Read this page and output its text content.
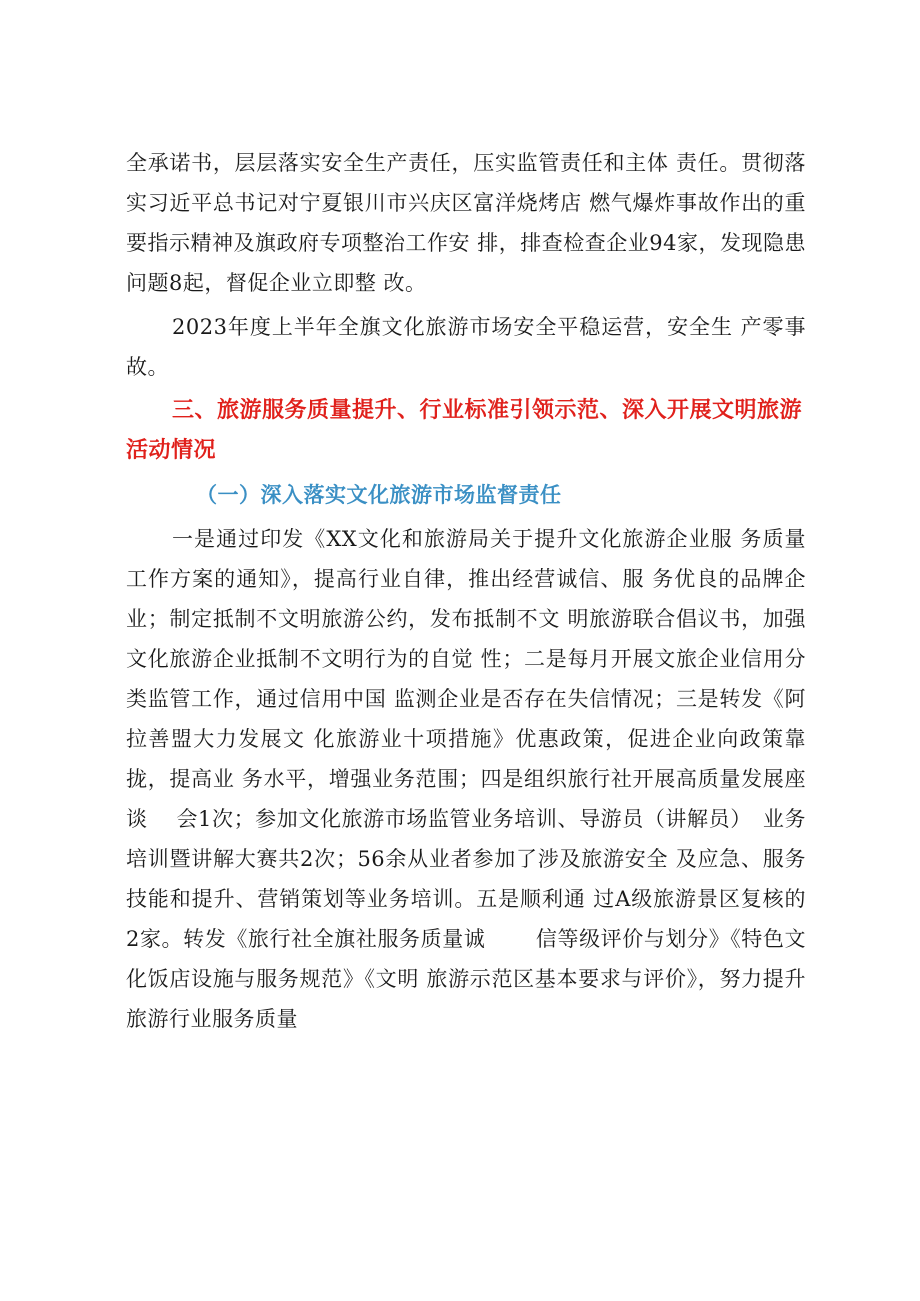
全承诺书，层层落实安全生产责任，压实监管责任和主体 责任。贯彻落实习近平总书记对宁夏银川市兴庆区富洋烧烤店 燃气爆炸事故作出的重要指示精神及旗政府专项整治工作安 排，排查检查企业94家，发现隐患问题8起，督促企业立即整 改。

2023年度上半年全旗文化旅游市场安全平稳运营，安全生 产零事故。

三、旅游服务质量提升、行业标准引领示范、深入开展文明旅游活动情况
（一）深入落实文化旅游市场监督责任

一是通过印发《XX文化和旅游局关于提升文化旅游企业服 务质量工作方案的通知》，提高行业自律，推出经营诚信、服 务优良的品牌企业；制定抵制不文明旅游公约，发布抵制不文 明旅游联合倡议书，加强文化旅游企业抵制不文明行为的自觉 性；二是每月开展文旅企业信用分类监管工作，通过信用中国 监测企业是否存在失信情况；三是转发《阿拉善盟大力发展文 化旅游业十项措施》优惠政策，促进企业向政策靠拢，提高业 务水平，增强业务范围；四是组织旅行社开展高质量发展座谈　 会1次；参加文化旅游市场监管业务培训、导游员（讲解员）　业务培训暨讲解大赛共2次；56余从业者参加了涉及旅游安全 及应急、服务技能和提升、营销策划等业务培训。五是顺利通 过A级旅游景区复核的2家。转发《旅行社全旗社服务质量诚　　 信等级评价与划分》《特色文化饭店设施与服务规范》《文明 旅游示范区基本要求与评价》，努力提升旅游行业服务质量
